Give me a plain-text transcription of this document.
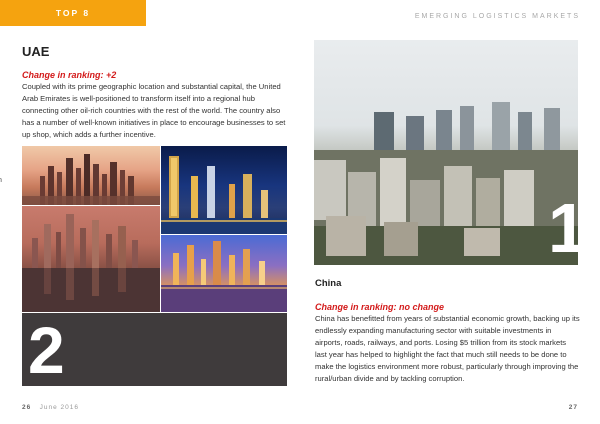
TOP 8	EMERGING LOGISTICS MARKETS
UAE
Change in ranking: +2
Coupled with its prime geographic location and substantial capital, the United Arab Emirates is well-positioned to transform itself into a regional hub connecting other oil-rich countries with the rest of the world. The country also has a number of well-known initiatives in place to encourage businesses to set up shop, which adds a further incentive.
2
1
China
Change in ranking: no change
China has benefitted from years of substantial economic growth, backing up its endlessly expanding manufacturing sector with suitable investments in airports, roads, railways, and ports. Losing $5 trillion from its stock markets last year has helped to highlight the fact that much still needs to be done to make the logistics environment more robust, particularly through improving the rural/urban divide and by tackling corruption.
26 June 2016	27
